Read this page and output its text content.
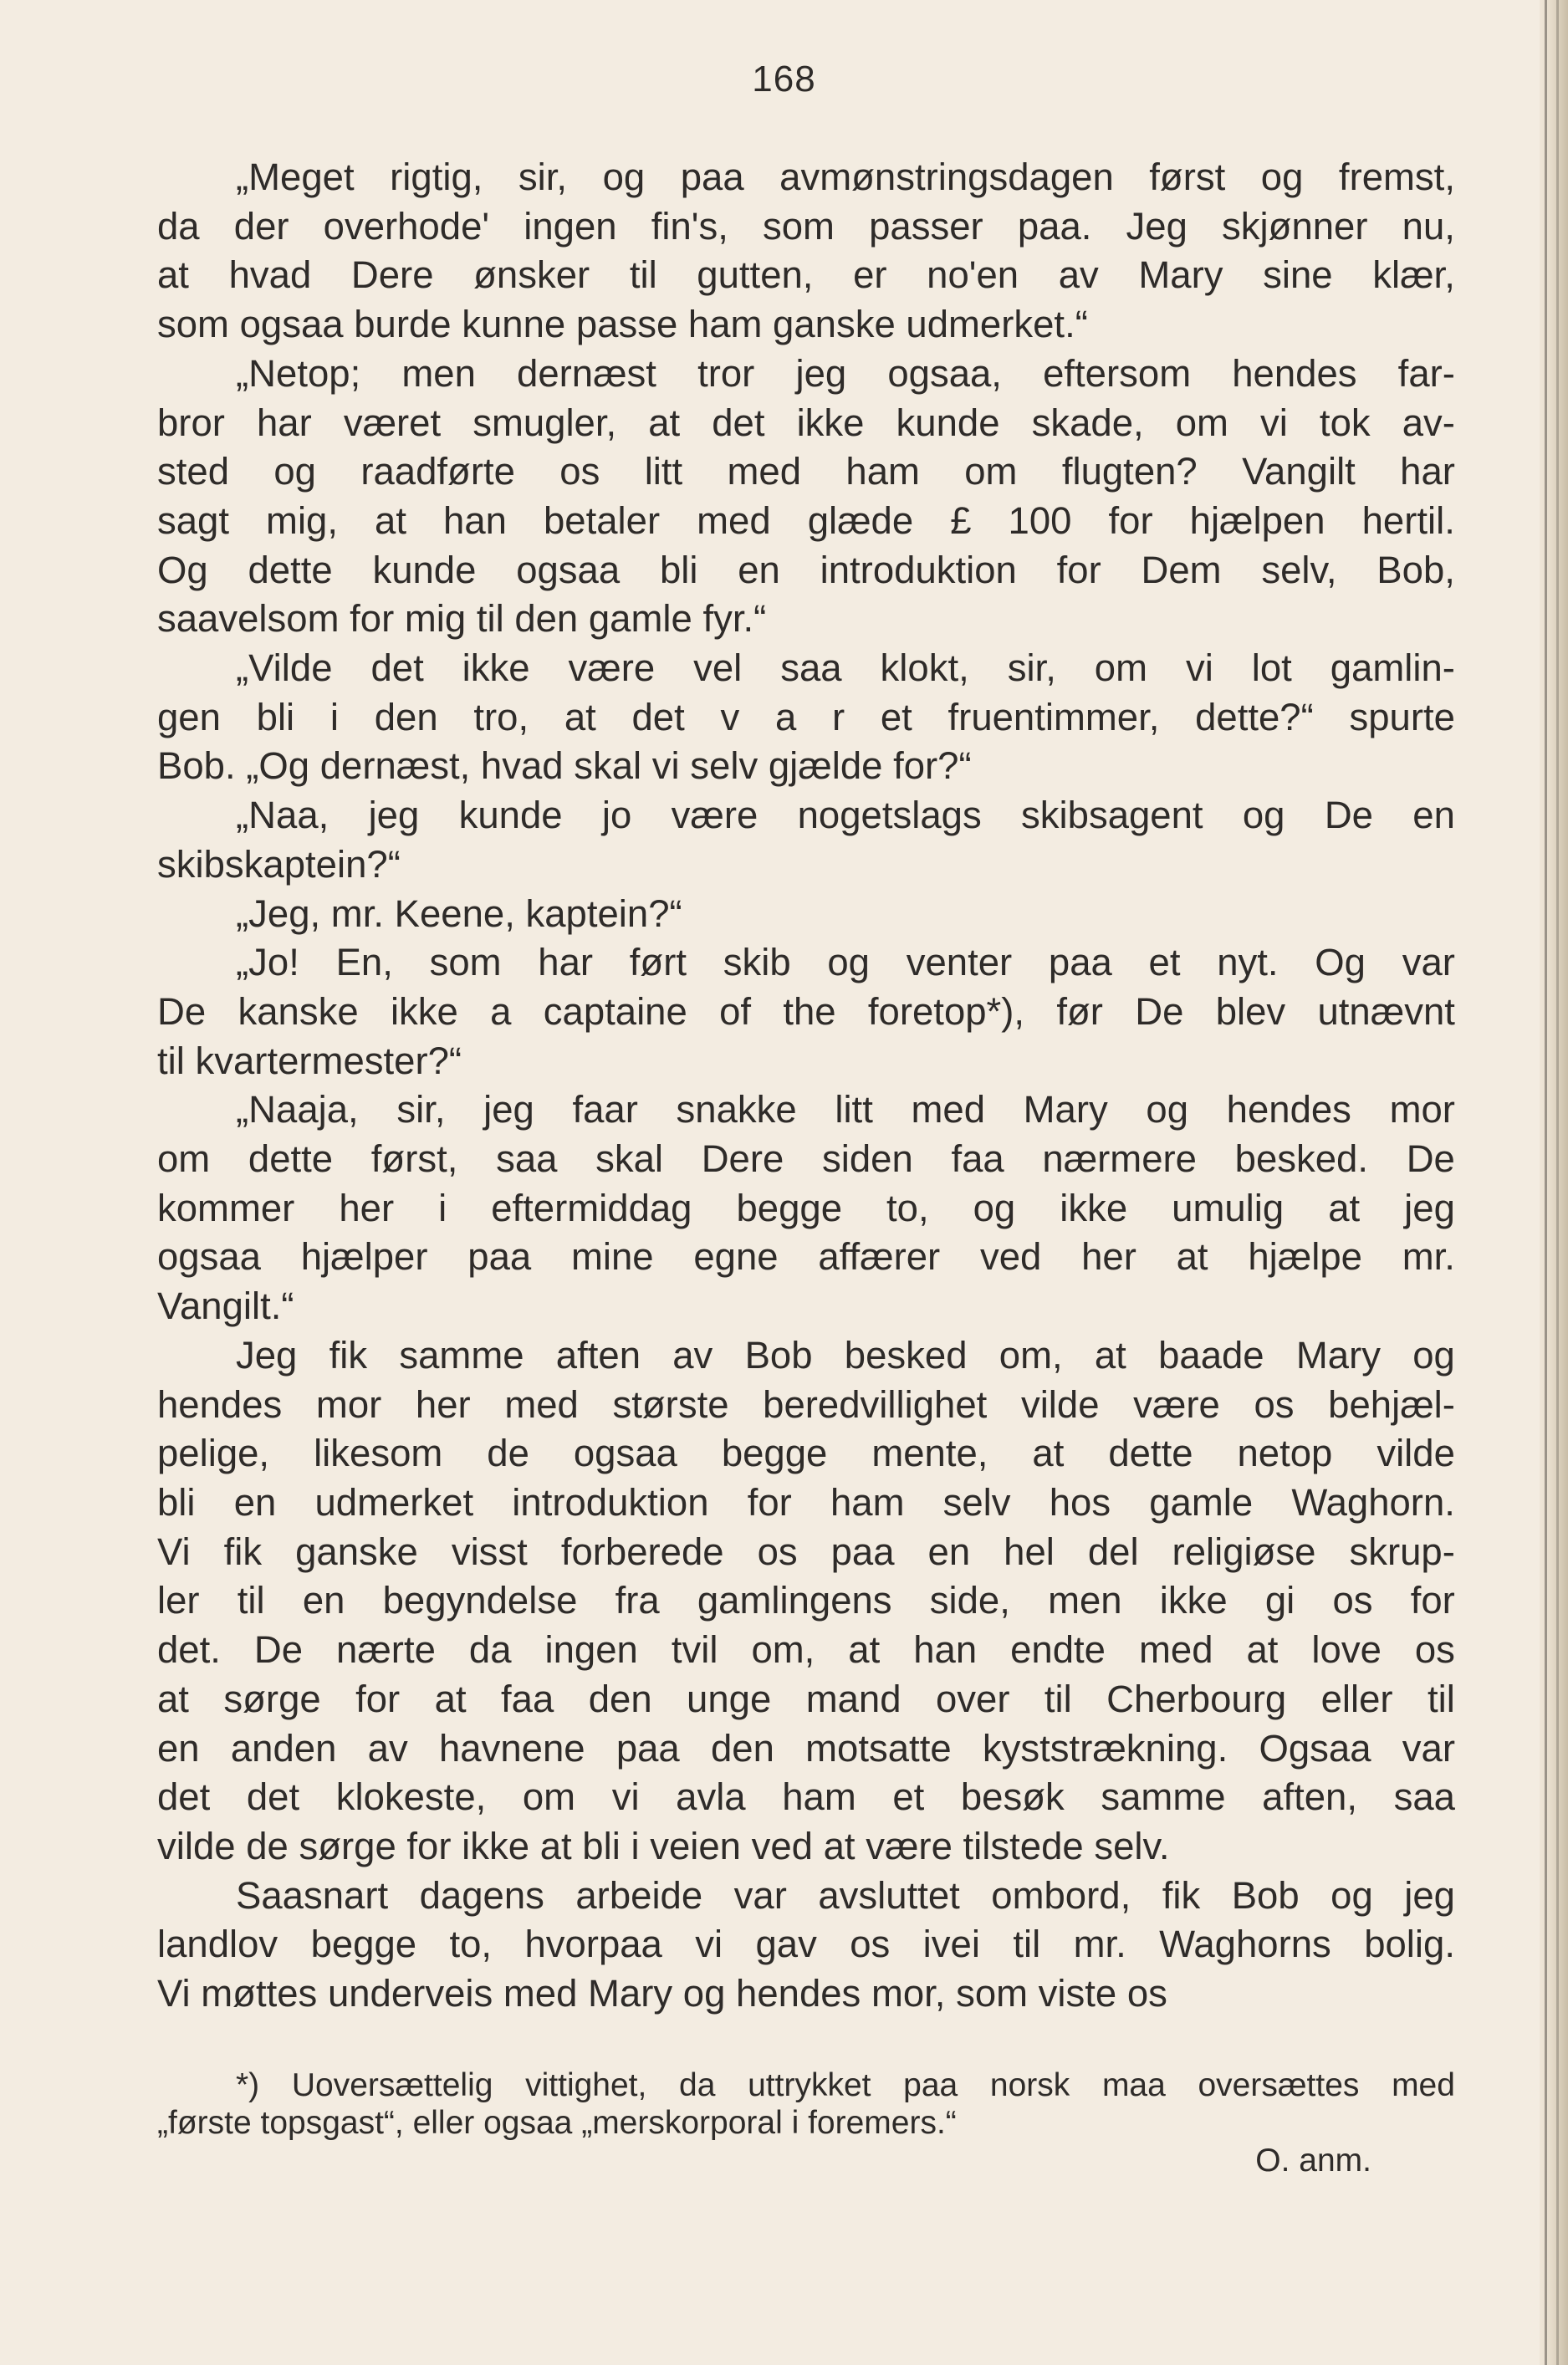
168
„Meget rigtig, sir, og paa avmønstringsdagen først og fremst,
da der overhode' ingen fin's, som passer paa. Jeg skjønner nu,
at hvad Dere ønsker til gutten, er no'en av Mary sine klær,
som ogsaa burde kunne passe ham ganske udmerket.“
„Netop; men dernæst tror jeg ogsaa, eftersom hendes far-
bror har været smugler, at det ikke kunde skade, om vi tok av-
sted og raadførte os litt med ham om flugten? Vangilt har
sagt mig, at han betaler med glæde £ 100 for hjælpen hertil.
Og dette kunde ogsaa bli en introduktion for Dem selv, Bob,
saavelsom for mig til den gamle fyr.“
„Vilde det ikke være vel saa klokt, sir, om vi lot gamlin-
gen bli i den tro, at det v a r et fruentimmer, dette?“ spurte
Bob. „Og dernæst, hvad skal vi selv gjælde for?“
„Naa, jeg kunde jo være nogetslags skibsagent og De en
skibskaptein?“
„Jeg, mr. Keene, kaptein?“
„Jo! En, som har ført skib og venter paa et nyt. Og var
De kanske ikke a captaine of the foretop*), før De blev utnævnt
til kvartermester?“
„Naaja, sir, jeg faar snakke litt med Mary og hendes mor
om dette først, saa skal Dere siden faa nærmere besked. De
kommer her i eftermiddag begge to, og ikke umulig at jeg
ogsaa hjælper paa mine egne affærer ved her at hjælpe mr.
Vangilt.“
Jeg fik samme aften av Bob besked om, at baade Mary og
hendes mor her med største beredvillighet vilde være os behjæl-
pelige, likesom de ogsaa begge mente, at dette netop vilde
bli en udmerket introduktion for ham selv hos gamle Waghorn.
Vi fik ganske visst forberede os paa en hel del religiøse skrup-
ler til en begyndelse fra gamlingens side, men ikke gi os for
det. De nærte da ingen tvil om, at han endte med at love os
at sørge for at faa den unge mand over til Cherbourg eller til
en anden av havnene paa den motsatte kyststrækning. Ogsaa var
det det klokeste, om vi avla ham et besøk samme aften, saa
vilde de sørge for ikke at bli i veien ved at være tilstede selv.
Saasnart dagens arbeide var avsluttet ombord, fik Bob og jeg
landlov begge to, hvorpaa vi gav os ivei til mr. Waghorns bolig.
Vi møttes underveis med Mary og hendes mor, som viste os
*) Uoversættelig vittighet, da uttrykket paa norsk maa oversættes med
„første topsgast“, eller ogsaa „merskorporal i foremers.“
O. anm.
